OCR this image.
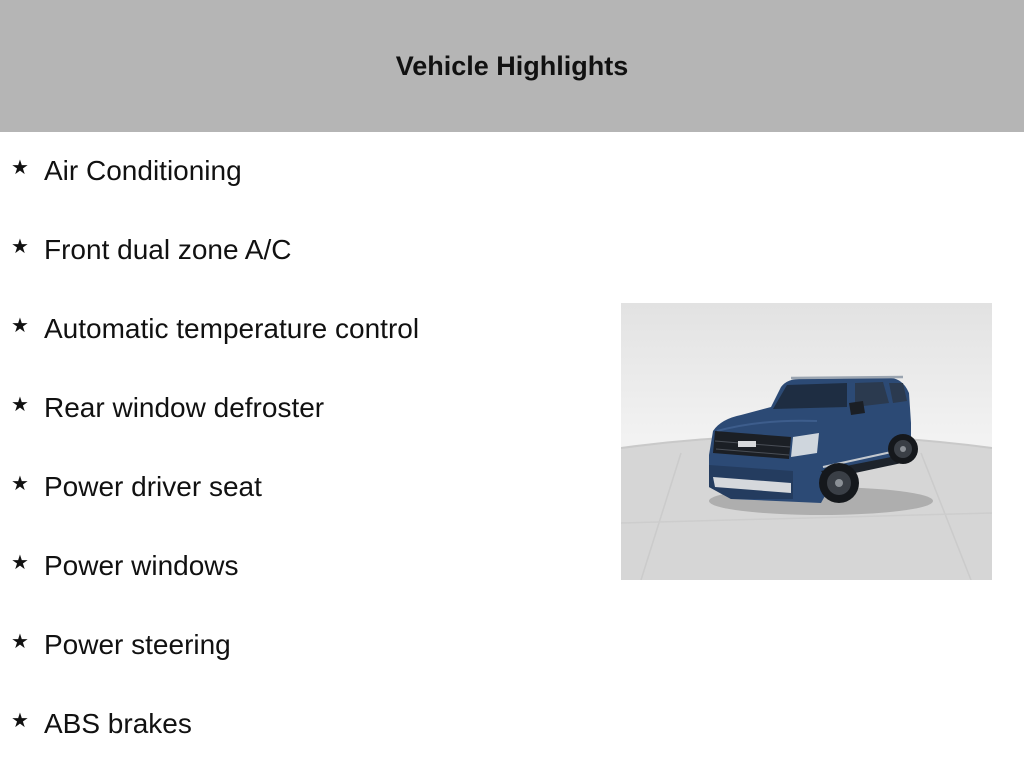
Vehicle Highlights
★ Air Conditioning
★ Front dual zone A/C
★ Automatic temperature control
★ Rear window defroster
★ Power driver seat
★ Power windows
★ Power steering
★ ABS brakes
